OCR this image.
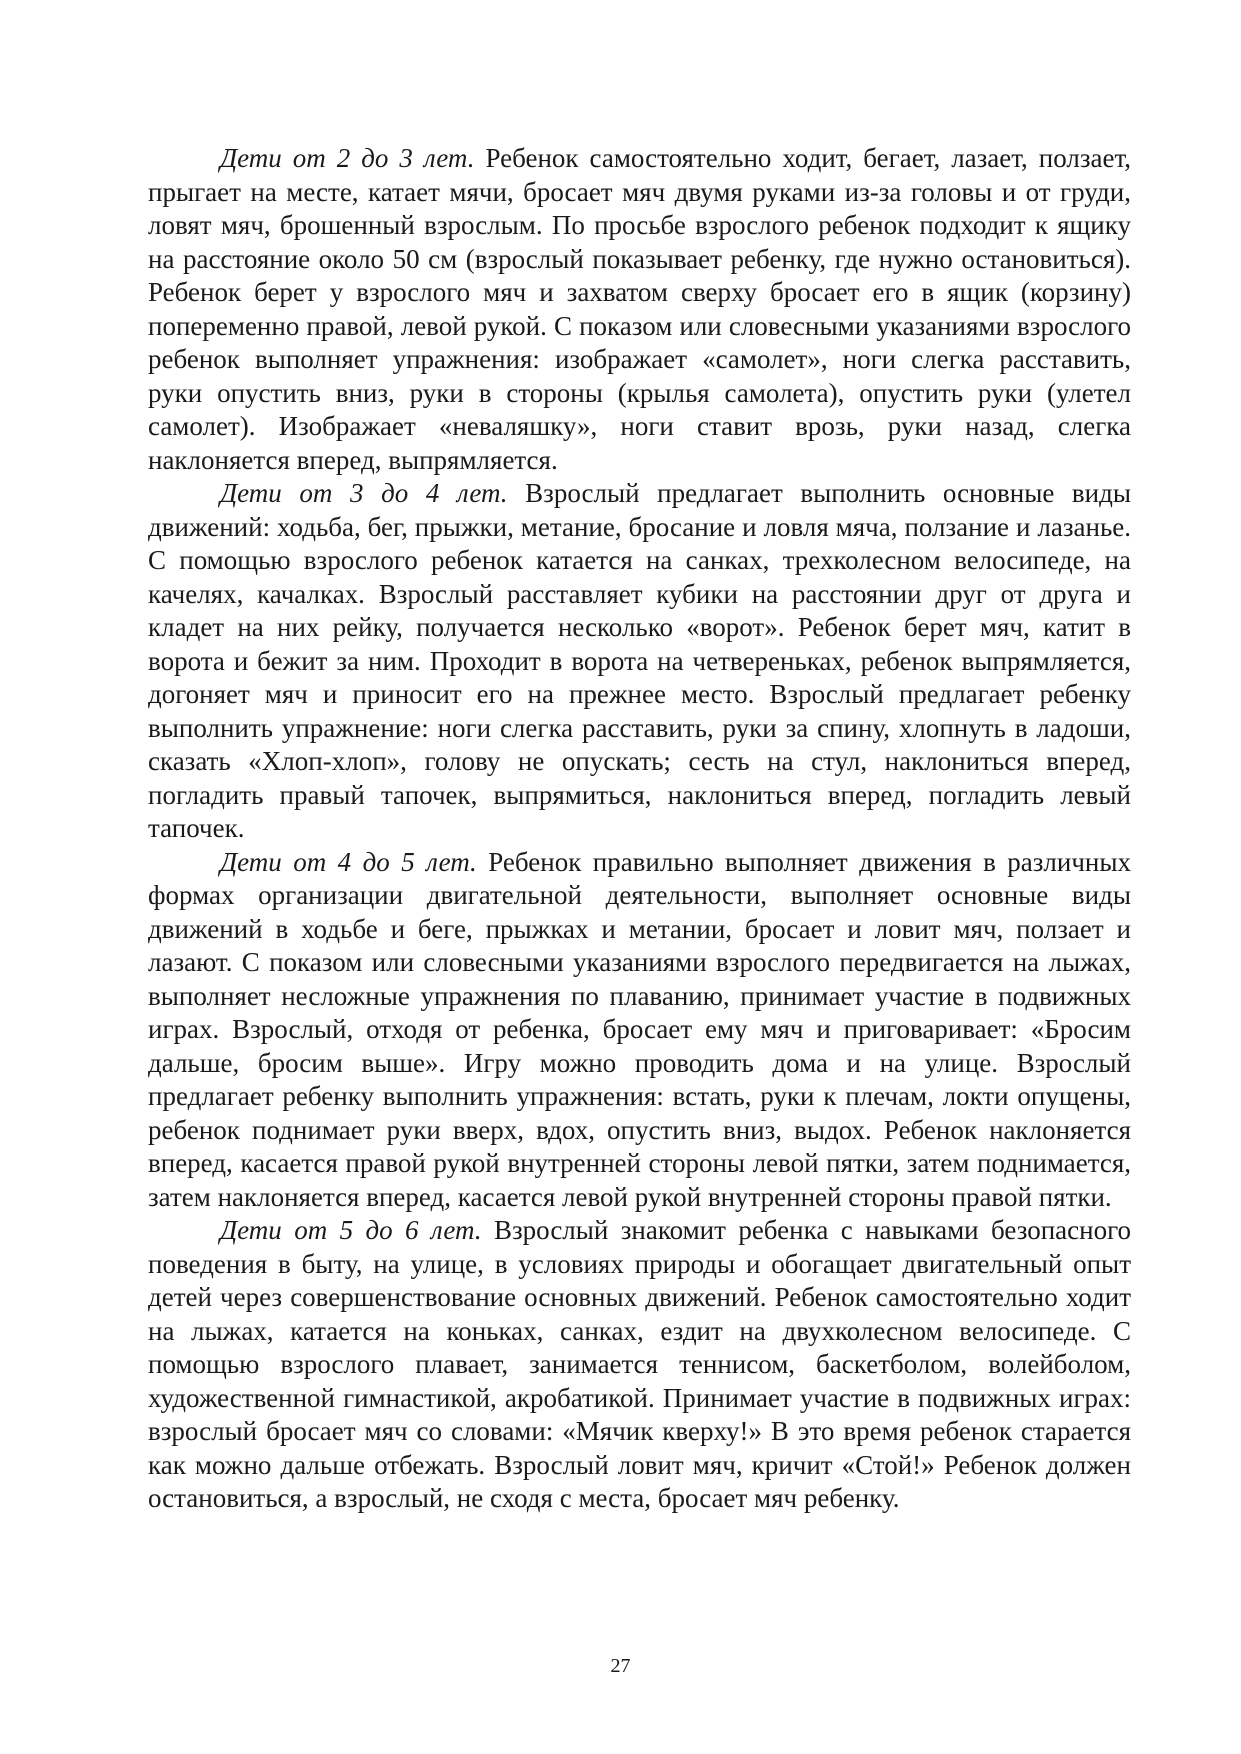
Дети от 2 до 3 лет. Ребенок самостоятельно ходит, бегает, лазает, ползает, прыгает на месте, катает мячи, бросает мяч двумя руками из-за головы и от груди, ловят мяч, брошенный взрослым. По просьбе взрослого ребенок подходит к ящику на расстояние около 50 см (взрослый показывает ребенку, где нужно остановиться). Ребенок берет у взрослого мяч и захватом сверху бросает его в ящик (корзину) попеременно правой, левой рукой. С показом или словесными указаниями взрослого ребенок выполняет упражнения: изображает «самолет», ноги слегка расставить, руки опустить вниз, руки в стороны (крылья самолета), опустить руки (улетел самолет). Изображает «неваляшку», ноги ставит врозь, руки назад, слегка наклоняется вперед, выпрямляется.

Дети от 3 до 4 лет. Взрослый предлагает выполнить основные виды движений: ходьба, бег, прыжки, метание, бросание и ловля мяча, ползание и лазанье. С помощью взрослого ребенок катается на санках, трехколесном велосипеде, на качелях, качалках. Взрослый расставляет кубики на расстоянии друг от друга и кладет на них рейку, получается несколько «ворот». Ребенок берет мяч, катит в ворота и бежит за ним. Проходит в ворота на четвереньках, ребенок выпрямляется, догоняет мяч и приносит его на прежнее место. Взрослый предлагает ребенку выполнить упражнение: ноги слегка расставить, руки за спину, хлопнуть в ладоши, сказать «Хлоп-хлоп», голову не опускать; сесть на стул, наклониться вперед, погладить правый тапочек, выпрямиться, наклониться вперед, погладить левый тапочек.

Дети от 4 до 5 лет. Ребенок правильно выполняет движения в различных формах организации двигательной деятельности, выполняет основные виды движений в ходьбе и беге, прыжках и метании, бросает и ловит мяч, ползает и лазают. С показом или словесными указаниями взрослого передвигается на лыжах, выполняет несложные упражнения по плаванию, принимает участие в подвижных играх. Взрослый, отходя от ребенка, бросает ему мяч и приговаривает: «Бросим дальше, бросим выше». Игру можно проводить дома и на улице. Взрослый предлагает ребенку выполнить упражнения: встать, руки к плечам, локти опущены, ребенок поднимает руки вверх, вдох, опустить вниз, выдох. Ребенок наклоняется вперед, касается правой рукой внутренней стороны левой пятки, затем поднимается, затем наклоняется вперед, касается левой рукой внутренней стороны правой пятки.

Дети от 5 до 6 лет. Взрослый знакомит ребенка с навыками безопасного поведения в быту, на улице, в условиях природы и обогащает двигательный опыт детей через совершенствование основных движений. Ребенок самостоятельно ходит на лыжах, катается на коньках, санках, ездит на двухколесном велосипеде. С помощью взрослого плавает, занимается теннисом, баскетболом, волейболом, художественной гимнастикой, акробатикой. Принимает участие в подвижных играх: взрослый бросает мяч со словами: «Мячик кверху!» В это время ребенок старается как можно дальше отбежать. Взрослый ловит мяч, кричит «Стой!» Ребенок должен остановиться, а взрослый, не сходя с места, бросает мяч ребенку.

27
